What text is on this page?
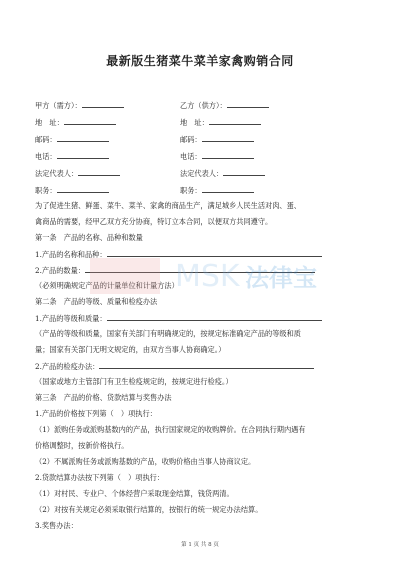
最新版生猪菜牛菜羊家禽购销合同
甲方（需方）：	乙方（供方）：
地　址：	地　址：
邮码：	邮码：
电话：	电话：
法定代表人：	法定代表人：
职务：	职务：
为了促进生猪、鲜蛋、菜牛、菜羊、家禽的商品生产，满足城乡人民生活对肉、蛋、
禽商品的需要，经甲乙双方充分协商，特订立本合同，以便双方共同遵守。
第一条　产品的名称、品种和数量
1.产品的名称和品种：
2.产品的数量：
（必须明确规定产品的计量单位和计量方法）
第二条　产品的等级、质量和检疫办法
1.产品的等级和质量：
（产品的等级和质量，国家有关部门有明确规定的，按规定标准确定产品的等级和质
量；国家有关部门无明文规定的，由双方当事人协商确定。）
2.产品的检疫办法：
（国家或地方主管部门有卫生检疫规定的，按规定进行检疫。）
第三条　产品的价格、货款结算与奖售办法
1.产品的价格按下列第（　）项执行：
（1）派购任务或派购基数内的产品，执行国家规定的收购牌价。在合同执行期内遇有
价格调整时，按新价格执行。
（2）不属派购任务或派购基数的产品，收购价格由当事人协商议定。
2.货款结算办法按下列第（　）项执行：
（1）对村民、专业户、个体经营户采取现金结算，钱货两清。
（2）对按有关规定必须采取银行结算的，按银行的统一规定办法结算。
3.奖售办法：
MSK 法律宝
第 1 页 共 8 页
